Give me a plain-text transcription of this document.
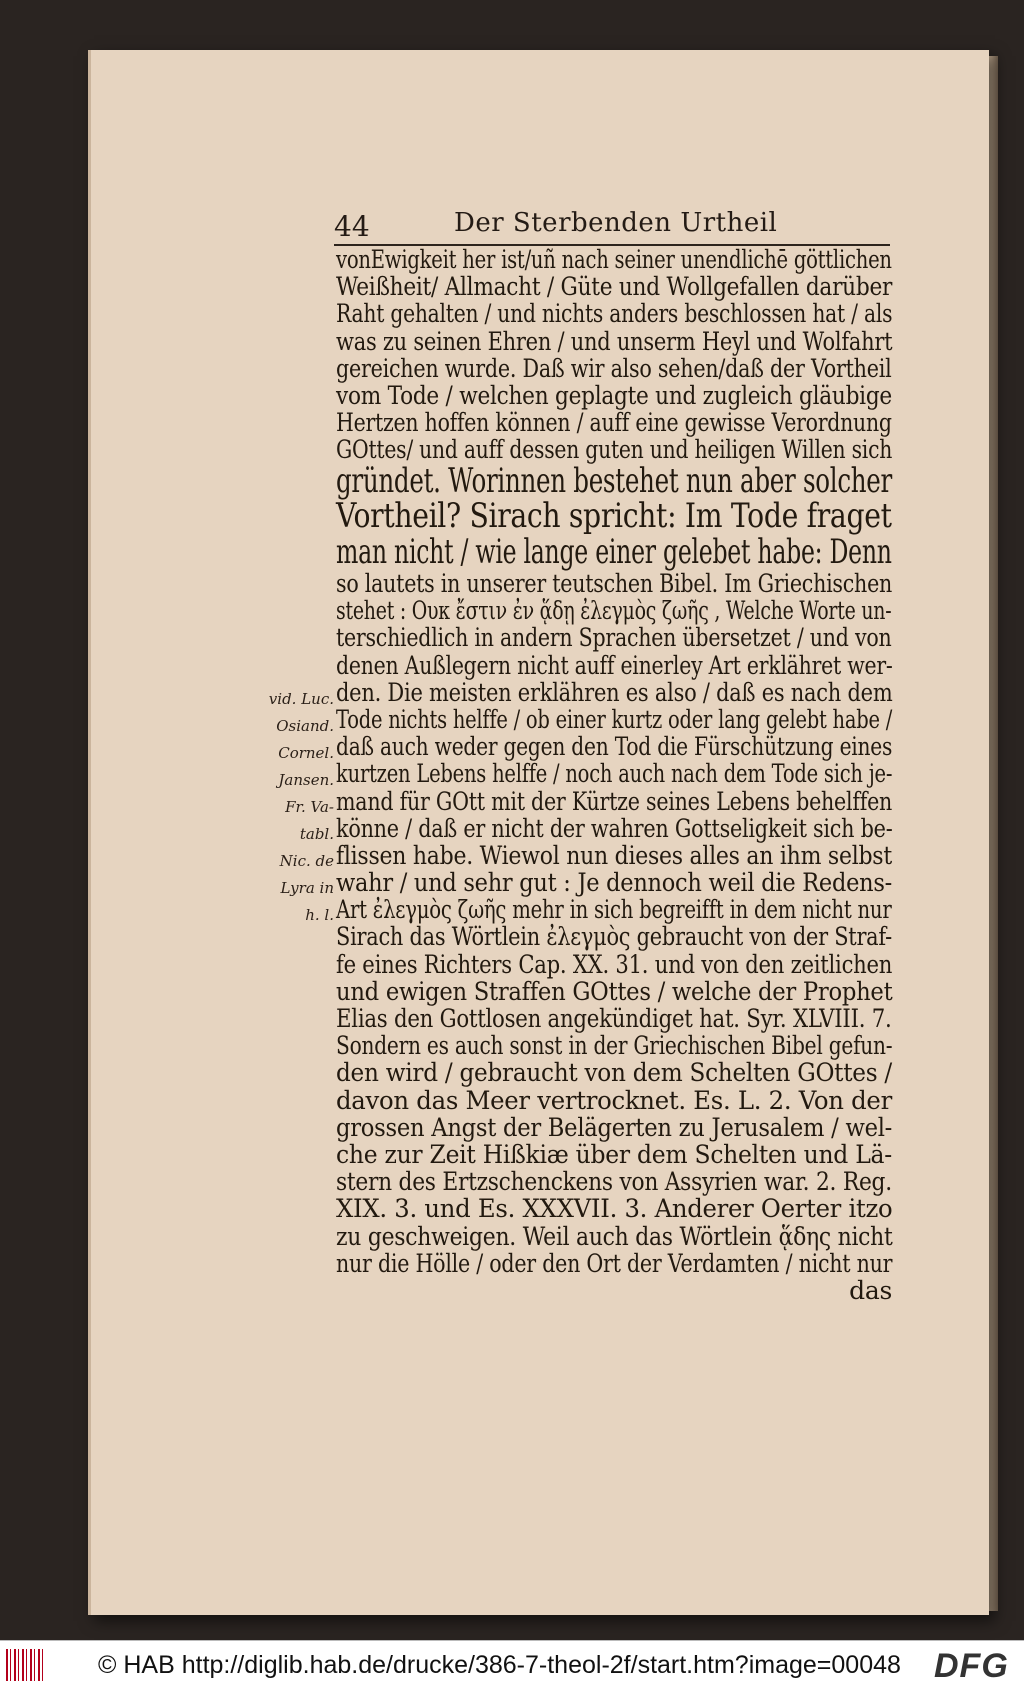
44	Der Sterbenden Urtheil
vonEwigkeit her ist/uñ nach seiner unendlichē göttlichen
Weißheit/ Allmacht / Güte und Wollgefallen darüber
Raht gehalten / und nichts anders beschlossen hat / als
was zu seinen Ehren / und unserm Heyl und Wolfahrt
gereichen wurde. Daß wir also sehen/daß der Vortheil
vom Tode / welchen geplagte und zugleich gläubige
Hertzen hoffen können / auff eine gewisse Verordnung
GOttes/ und auff dessen guten und heiligen Willen sich
gründet. Worinnen bestehet nun aber solcher
Vortheil? Sirach spricht: Im Tode fraget
man nicht / wie lange einer gelebet habe: Denn
so lautets in unserer teutschen Bibel. Im Griechischen
stehet : Ουκ ἔστιν ἐν ᾅδῃ ἐλεγμὸς ζωῆς , Welche Worte un-
terschiedlich in andern Sprachen übersetzet / und von
denen Außlegern nicht auff einerley Art erklähret wer-
den. Die meisten erklähren es also / daß es nach dem
Tode nichts helffe / ob einer kurtz oder lang gelebt habe /
daß auch weder gegen den Tod die Fürschützung eines
kurtzen Lebens helffe / noch auch nach dem Tode sich je-
mand für GOtt mit der Kürtze seines Lebens behelffen
könne / daß er nicht der wahren Gottseligkeit sich be-
flissen habe. Wiewol nun dieses alles an ihm selbst
wahr / und sehr gut : Je dennoch weil die Redens-
Art ἐλεγμὸς ζωῆς mehr in sich begreifft in dem nicht nur
Sirach das Wörtlein ἐλεγμὸς gebraucht von der Straf-
fe eines Richters Cap. XX. 31. und von den zeitlichen
und ewigen Straffen GOttes / welche der Prophet
Elias den Gottlosen angekündiget hat. Syr. XLVIII. 7.
Sondern es auch sonst in der Griechischen Bibel gefun-
den wird / gebraucht von dem Schelten GOttes /
davon das Meer vertrocknet. Es. L. 2. Von der
grossen Angst der Belägerten zu Jerusalem / wel-
che zur Zeit Hißkiæ über dem Schelten und Lä-
stern des Ertzschenckens von Assyrien war. 2. Reg.
XIX. 3. und Es. XXXVII. 3. Anderer Oerter itzo
zu geschweigen. Weil auch das Wörtlein ᾅδης nicht
nur die Hölle / oder den Ort der Verdamten / nicht nur
das
vid. Luc.
Osiand.
Cornel.
Jansen.
Fr. Va-
tabl.
Nic. de
Lyra in
h. l.
© HAB http://diglib.hab.de/drucke/386-7-theol-2f/start.htm?image=00048 DFG
